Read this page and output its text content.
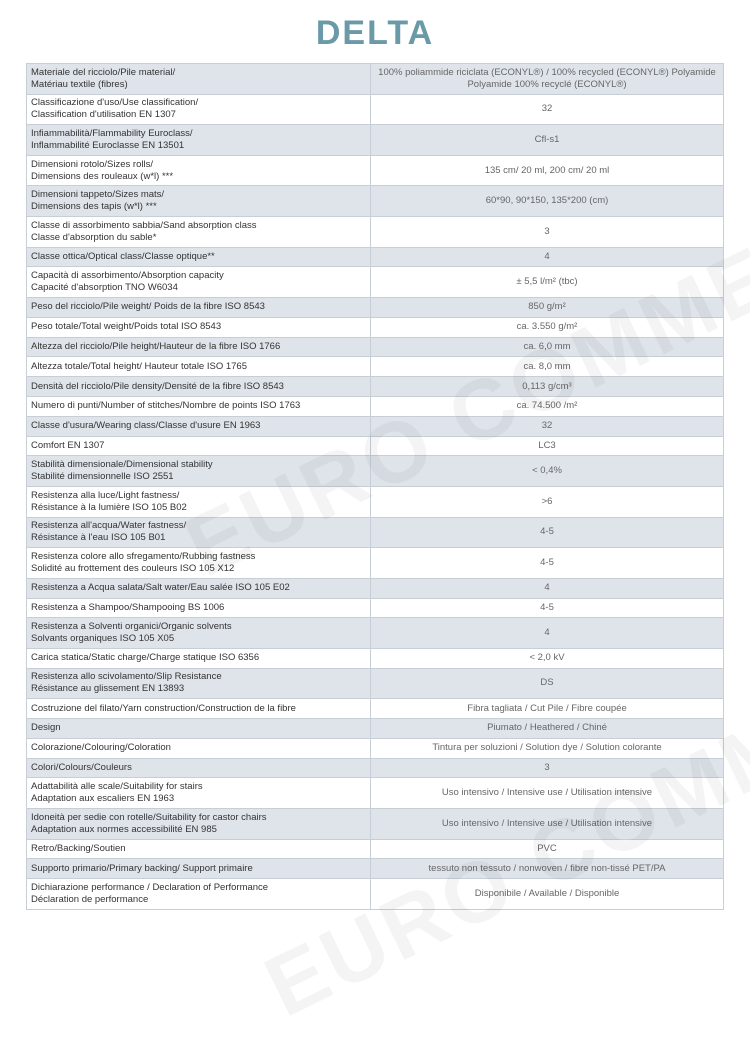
DELTA
Materiale del ricciolo/Pile material/
Matériau textile (fibres)	100% poliammide riciclata (ECONYL®) / 100% recycled (ECONYL®) Polyamide
Polyamide 100% recyclé (ECONYL®)

Classificazione d'uso/Use classification/
Classification d'utilisation EN 1307	32

Infiammabilità/Flammability Euroclass/
Inflammabilité Euroclasse EN 13501	Cfl-s1

Dimensioni rotolo/Sizes rolls/
Dimensions des rouleaux (w*l) ***	135 cm/ 20 ml, 200 cm/ 20 ml

Dimensioni tappeto/Sizes mats/
Dimensions des tapis (w*l) ***	60*90, 90*150, 135*200 (cm)

Classe di assorbimento sabbia/Sand absorption class
Classe d'absorption du sable*	3

Classe ottica/Optical class/Classe optique**	4

Capacità di assorbimento/Absorption capacity
Capacité d'absorption TNO W6034	± 5,5 l/m² (tbc)

Peso del ricciolo/Pile weight/ Poids de la fibre ISO 8543	850 g/m²

Peso totale/Total weight/Poids total ISO 8543	ca. 3.550 g/m²

Altezza del ricciolo/Pile height/Hauteur de la fibre ISO 1766	ca. 6,0 mm

Altezza totale/Total height/ Hauteur totale ISO 1765	ca. 8,0 mm

Densità del ricciolo/Pile density/Densité de la fibre ISO 8543	0,113 g/cm³

Numero di punti/Number of stitches/Nombre de points ISO 1763	ca. 74.500 /m²

Classe d'usura/Wearing class/Classe d'usure EN 1963	32

Comfort EN 1307	LC3

Stabilità dimensionale/Dimensional stability
Stabilité dimensionnelle ISO 2551	< 0,4%

Resistenza alla luce/Light fastness/
Résistance à la lumière ISO 105 B02	>6

Resistenza all'acqua/Water fastness/
Résistance à l'eau ISO 105 B01	4-5

Resistenza colore allo sfregamento/Rubbing fastness
Solidité au frottement des couleurs ISO 105 X12	4-5

Resistenza a Acqua salata/Salt water/Eau salée ISO 105 E02	4

Resistenza a Shampoo/Shampooing BS 1006	4-5

Resistenza a Solventi organici/Organic solvents
Solvants organiques ISO 105 X05	4

Carica statica/Static charge/Charge statique ISO 6356	< 2,0 kV

Resistenza allo scivolamento/Slip Resistance
Résistance au glissement EN 13893	DS

Costruzione del filato/Yarn construction/Construction de la fibre	Fibra tagliata / Cut Pile / Fibre coupée

Design	Piumato / Heathered / Chiné

Colorazione/Colouring/Coloration	Tintura per soluzioni / Solution dye / Solution colorante

Colori/Colours/Couleurs	3

Adattabilità alle scale/Suitability for stairs
Adaptation aux escaliers EN 1963	Uso intensivo / Intensive use / Utilisation intensive

Idoneità per sedie con rotelle/Suitability for castor chairs
Adaptation aux normes accessibilité EN 985	Uso intensivo / Intensive use / Utilisation intensive

Retro/Backing/Soutien	PVC

Supporto primario/Primary backing/ Support primaire	tessuto non tessuto / nonwoven / fibre non-tissé PET/PA

Dichiarazione performance / Declaration of Performance
Déclaration de performance	Disponibile / Available / Disponible
